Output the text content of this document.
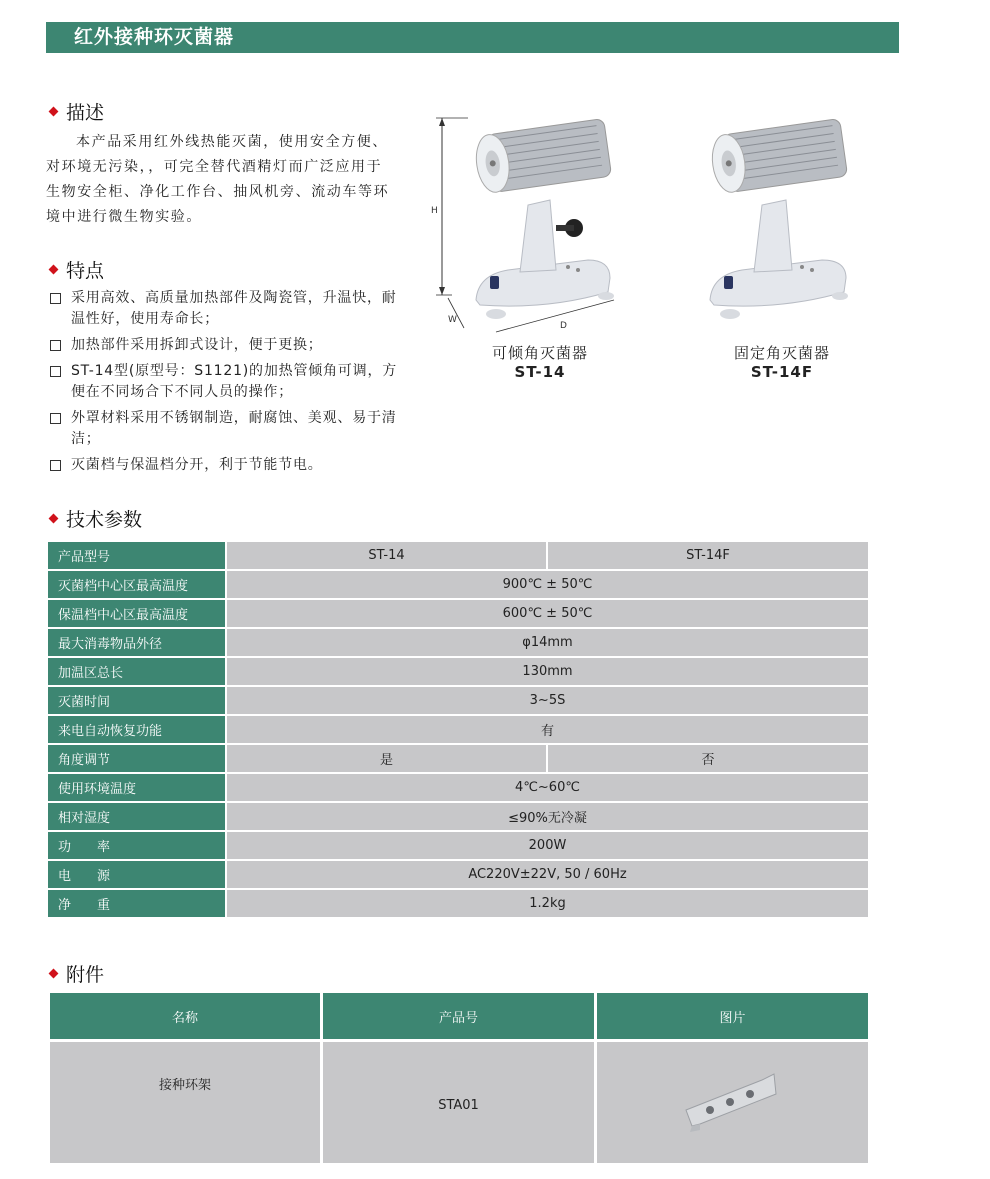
红外接种环灭菌器
描述

本产品采用红外线热能灭菌，使用安全方便、对环境无污染，，可完全替代酒精灯而广泛应用于生物安全柜、净化工作台、抽风机旁、流动车等环境中进行微生物实验。

特点
采用高效、高质量加热部件及陶瓷管，升温快，耐温性好，使用寿命长；
加热部件采用拆卸式设计，便于更换；
ST-14型(原型号：S1121)的加热管倾角可调，方便在不同场合下不同人员的操作；
外罩材料采用不锈钢制造，耐腐蚀、美观、易于清洁；
灭菌档与保温档分开，利于节能节电。
H
W
D
可倾角灭菌器
ST-14
固定角灭菌器
ST-14F
技术参数
产品型号	ST-14	ST-14F
灭菌档中心区最高温度	900℃ ± 50℃	
保温档中心区最高温度	600℃ ± 50℃	
最大消毒物品外径	φ14mm	
加温区总长	130mm	
灭菌时间	3~5S	
来电自动恢复功能	有	
角度调节	是	否
使用环境温度	4℃~60℃	
相对湿度	≤90%无冷凝	
功　　率	200W	
电　　源	AC220V±22V, 50 / 60Hz	
净　　重	1.2kg	
附件
名称	产品号	图片
接种环架	STA01	
